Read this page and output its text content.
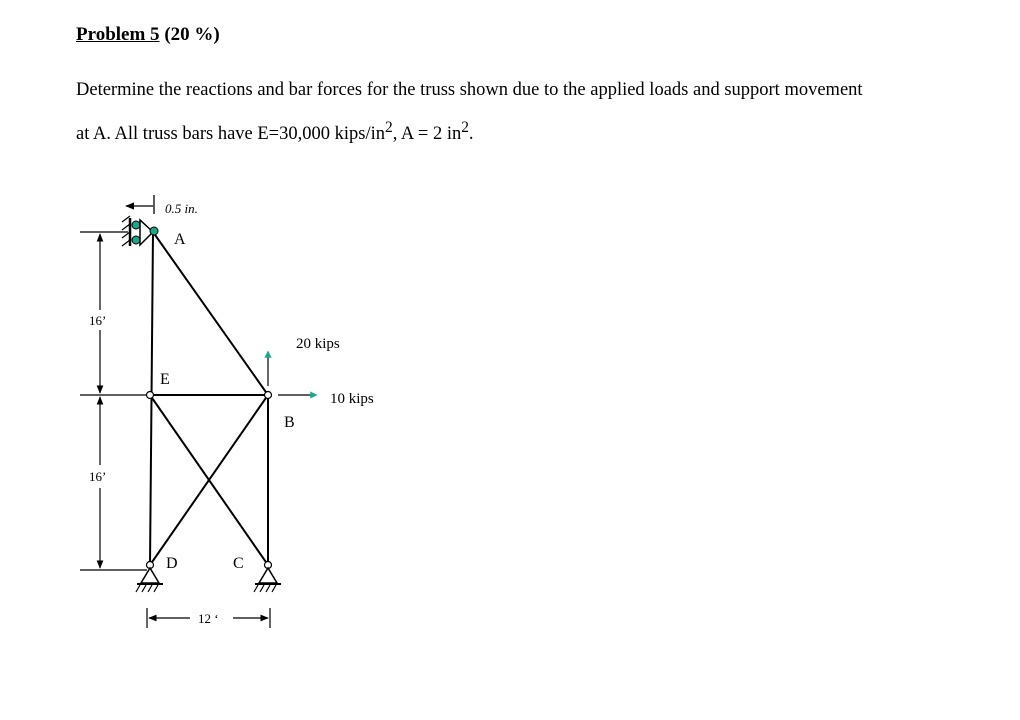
Problem 5 (20 %)
Determine the reactions and bar forces for the truss shown due to the applied loads and support movement
at A. All truss bars have E=30,000 kips/$in^2$, A = 2 $in^2$.
0.5 in.
A
E
B
D	C
20 kips
10 kips
16’
16’
12 ‘
